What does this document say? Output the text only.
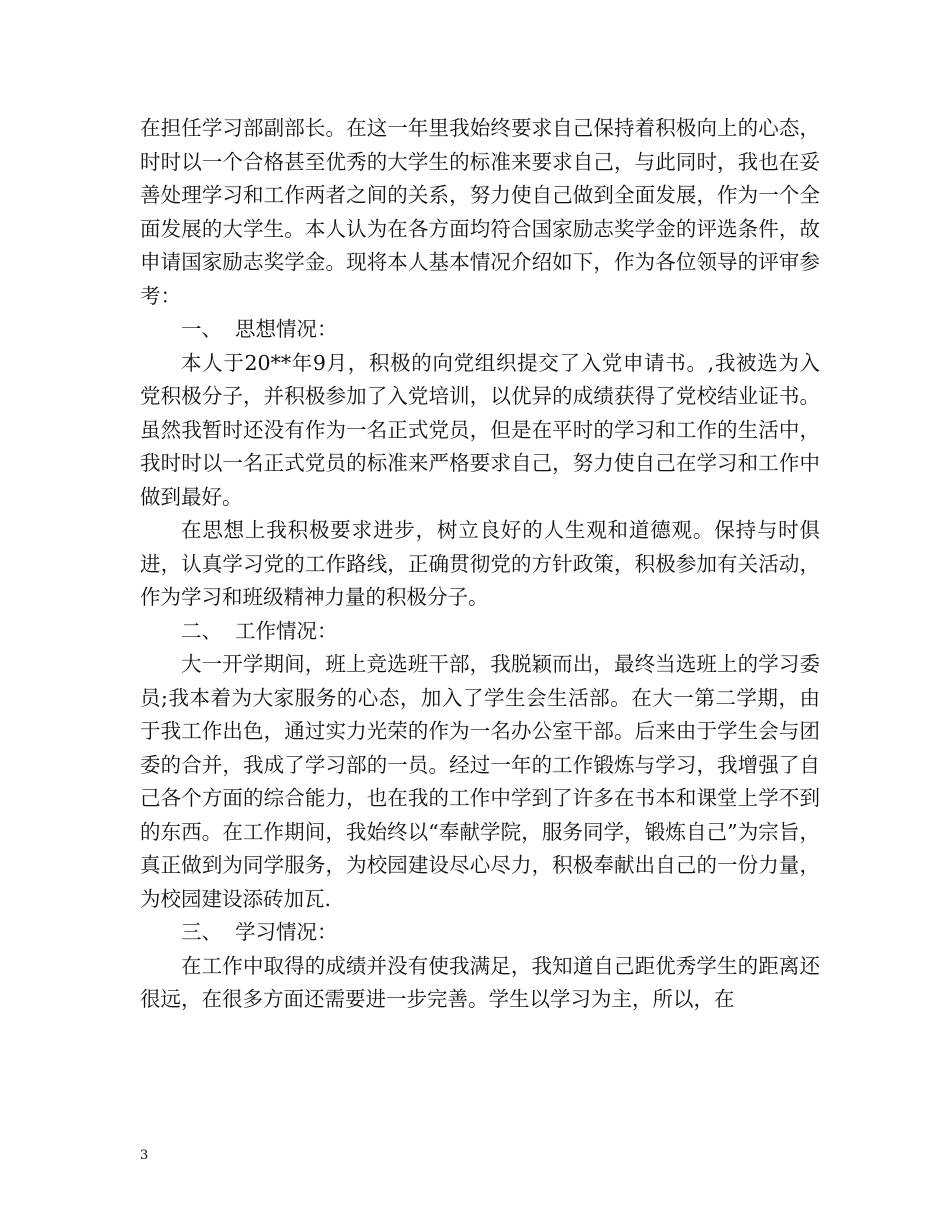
在担任学习部副部长。在这一年里我始终要求自己保持着积极向上的心态，时时以一个合格甚至优秀的大学生的标准来要求自己，与此同时，我也在妥善处理学习和工作两者之间的关系，努力使自己做到全面发展，作为一个全面发展的大学生。本人认为在各方面均符合国家励志奖学金的评选条件，故申请国家励志奖学金。现将本人基本情况介绍如下，作为各位领导的评审参考：

一、  思想情况：

本人于20**年9月，积极的向党组织提交了入党申请书。,我被选为入党积极分子，并积极参加了入党培训，以优异的成绩获得了党校结业证书。虽然我暂时还没有作为一名正式党员，但是在平时的学习和工作的生活中，我时时以一名正式党员的标准来严格要求自己，努力使自己在学习和工作中做到最好。

在思想上我积极要求进步，树立良好的人生观和道德观。保持与时俱进，认真学习党的工作路线，正确贯彻党的方针政策，积极参加有关活动，作为学习和班级精神力量的积极分子。

二、  工作情况：

大一开学期间，班上竞选班干部，我脱颖而出，最终当选班上的学习委员;我本着为大家服务的心态，加入了学生会生活部。在大一第二学期，由于我工作出色，通过实力光荣的作为一名办公室干部。后来由于学生会与团委的合并，我成了学习部的一员。经过一年的工作锻炼与学习，我增强了自己各个方面的综合能力，也在我的工作中学到了许多在书本和课堂上学不到的东西。在工作期间，我始终以“奉献学院，服务同学，锻炼自己”为宗旨，真正做到为同学服务，为校园建设尽心尽力，积极奉献出自己的一份力量，为校园建设添砖加瓦.

三、  学习情况：

在工作中取得的成绩并没有使我满足，我知道自己距优秀学生的距离还很远，在很多方面还需要进一步完善。学生以学习为主，所以，在

3
